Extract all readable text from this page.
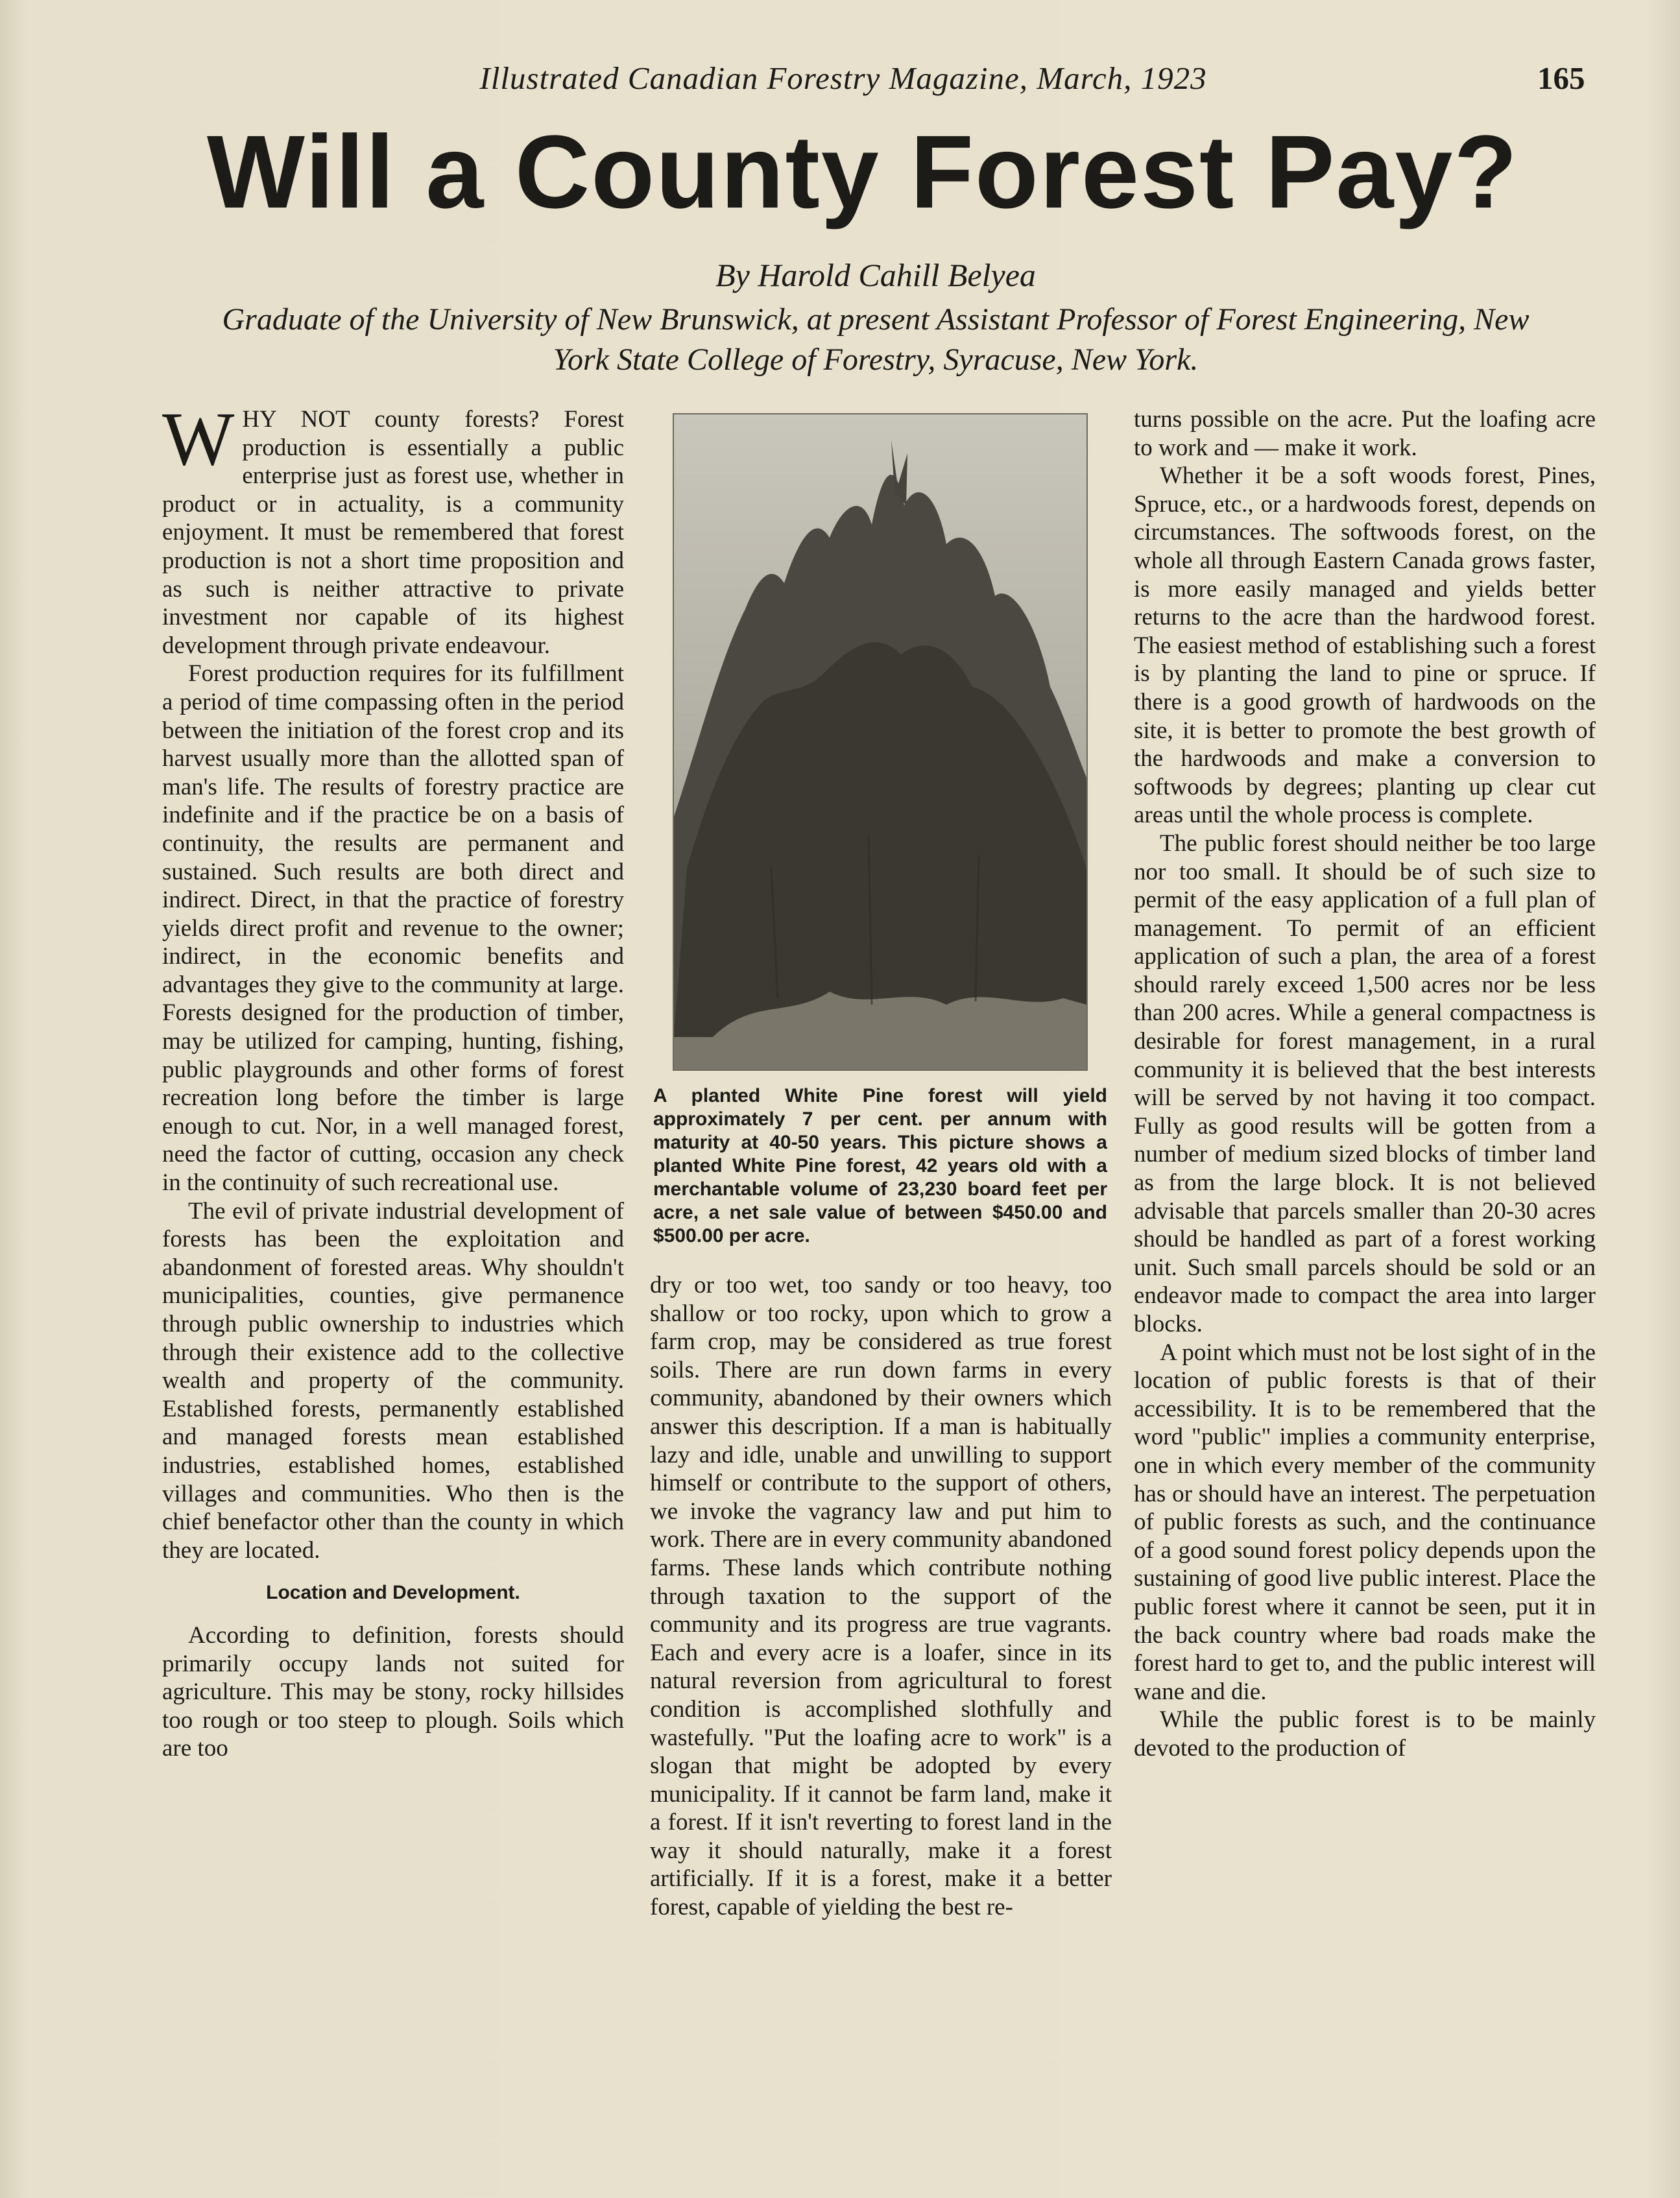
Illustrated Canadian Forestry Magazine, March, 1923	165
Will a County Forest Pay?
By Harold Cahill Belyea
Graduate of the University of New Brunswick, at present Assistant Professor of Forest Engineering, New York State College of Forestry, Syracuse, New York.

WHY NOT county forests? Forest production is essentially a public enterprise just as forest use, whether in product or in actuality, is a community enjoyment. It must be remembered that forest production is not a short time proposition and as such is neither attractive to private investment nor capable of its highest development through private endeavour.

Forest production requires for its fulfillment a period of time compassing often in the period between the initiation of the forest crop and its harvest usually more than the allotted span of man's life. The results of forestry practice are indefinite and if the practice be on a basis of continuity, the results are permanent and sustained. Such results are both direct and indirect. Direct, in that the practice of forestry yields direct profit and revenue to the owner; indirect, in the economic benefits and advantages they give to the community at large. Forests designed for the production of timber, may be utilized for camping, hunting, fishing, public playgrounds and other forms of forest recreation long before the timber is large enough to cut. Nor, in a well managed forest, need the factor of cutting, occasion any check in the continuity of such recreational use.

The evil of private industrial development of forests has been the exploitation and abandonment of forested areas. Why shouldn't municipalities, counties, give permanence through public ownership to industries which through their existence add to the collective wealth and property of the community. Established forests, permanently established and managed forests mean established industries, established homes, established villages and communities. Who then is the chief benefactor other than the county in which they are located.

Location and Development.

According to definition, forests should primarily occupy lands not suited for agriculture. This may be stony, rocky hillsides too rough or too steep to plough. Soils which are too

A planted White Pine forest will yield approximately 7 per cent. per annum with maturity at 40-50 years. This picture shows a planted White Pine forest, 42 years old with a merchantable volume of 23,230 board feet per acre, a net sale value of between $450.00 and $500.00 per acre.

dry or too wet, too sandy or too heavy, too shallow or too rocky, upon which to grow a farm crop, may be considered as true forest soils. There are run down farms in every community, abandoned by their owners which answer this description. If a man is habitually lazy and idle, unable and unwilling to support himself or contribute to the support of others, we invoke the vagrancy law and put him to work. There are in every community abandoned farms. These lands which contribute nothing through taxation to the support of the community and its progress are true vagrants. Each and every acre is a loafer, since in its natural reversion from agricultural to forest condition is accomplished slothfully and wastefully. "Put the loafing acre to work" is a slogan that might be adopted by every municipality. If it cannot be farm land, make it a forest. If it isn't reverting to forest land in the way it should naturally, make it a forest artificially. If it is a forest, make it a better forest, capable of yielding the best re-

turns possible on the acre. Put the loafing acre to work and — make it work.

Whether it be a soft woods forest, Pines, Spruce, etc., or a hardwoods forest, depends on circumstances. The softwoods forest, on the whole all through Eastern Canada grows faster, is more easily managed and yields better returns to the acre than the hardwood forest. The easiest method of establishing such a forest is by planting the land to pine or spruce. If there is a good growth of hardwoods on the site, it is better to promote the best growth of the hardwoods and make a conversion to softwoods by degrees; planting up clear cut areas until the whole process is complete.

The public forest should neither be too large nor too small. It should be of such size to permit of the easy application of a full plan of management. To permit of an efficient application of such a plan, the area of a forest should rarely exceed 1,500 acres nor be less than 200 acres. While a general compactness is desirable for forest management, in a rural community it is believed that the best interests will be served by not having it too compact. Fully as good results will be gotten from a number of medium sized blocks of timber land as from the large block. It is not believed advisable that parcels smaller than 20-30 acres should be handled as part of a forest working unit. Such small parcels should be sold or an endeavor made to compact the area into larger blocks.

A point which must not be lost sight of in the location of public forests is that of their accessibility. It is to be remembered that the word "public" implies a community enterprise, one in which every member of the community has or should have an interest. The perpetuation of public forests as such, and the continuance of a good sound forest policy depends upon the sustaining of good live public interest. Place the public forest where it cannot be seen, put it in the back country where bad roads make the forest hard to get to, and the public interest will wane and die.

While the public forest is to be mainly devoted to the production of
